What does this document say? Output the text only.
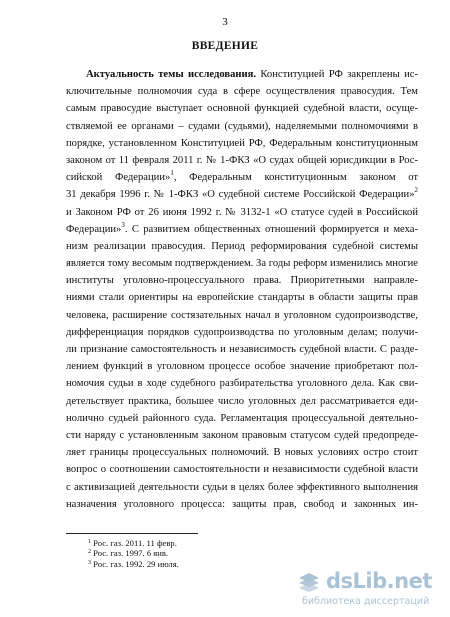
3
ВВЕДЕНИЕ
Актуальность темы исследования. Конституцией РФ закреплены ис-
ключительные полномочия суда в сфере осуществления правосудия. Тем
самым правосудие выступает основной функцией судебной власти, осуще-
ствляемой ее органами – судами (судьями), наделяемыми полномочиями в
порядке, установленном Конституцией РФ, Федеральным конституционным
законом от 11 февраля 2011 г. № 1-ФКЗ «О судах общей юрисдикции в Рос-
сийской Федерации»$^1$, Федеральным конституционным законом от
31 декабря 1996 г. № 1-ФКЗ «О судебной системе Российской Федерации»$^2$
и Законом РФ от 26 июня 1992 г. № 3132-1 «О статусе судей в Российской
Федерации»$^3$. С развитием общественных отношений формируется и меха-
низм реализации правосудия. Период реформирования судебной системы
является тому весомым подтверждением. За годы реформ изменились многие
институты уголовно-процессуального права. Приоритетными направле-
ниями стали ориентиры на европейские стандарты в области защиты прав
человека, расширение состязательных начал в уголовном судопроизводстве,
дифференциация порядков судопроизводства по уголовным делам; получи-
ли признание самостоятельность и независимость судебной власти. С разде-
лением функций в уголовном процессе особое значение приобретают пол-
номочия судьи в ходе судебного разбирательства уголовного дела. Как сви-
детельствует практика, большее число уголовных дел рассматривается еди-
нолично судьей районного суда. Регламентация процессуальной деятельно-
сти наряду с установленным законом правовым статусом судей предопреде-
ляет границы процессуальных полномочий. В новых условиях остро стоит
вопрос о соотношении самостоятельности и независимости судебной власти
с активизацией деятельности судьи в целях более эффективного выполнения
назначения уголовного процесса: защиты прав, свобод и законных ин-
$^1$ Рос. газ. 2011. 11 февр.
$^2$ Рос. газ. 1997. 6 янв.
$^3$ Рос. газ. 1992. 29 июля.
dsLib.net
библиотека диссертаций
